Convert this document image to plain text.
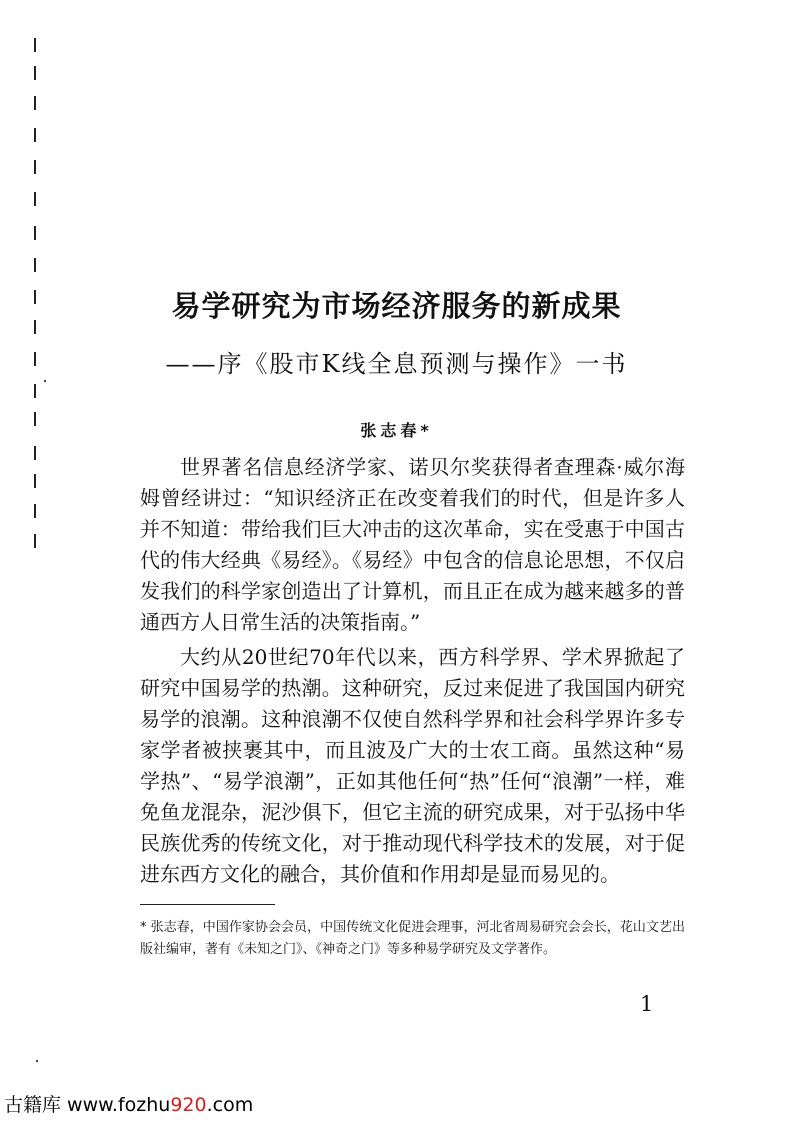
易学研究为市场经济服务的新成果
——序《股市K线全息预测与操作》一书
张志春*

世界著名信息经济学家、诺贝尔奖获得者查理森·威尔海姆曾经讲过：“知识经济正在改变着我们的时代，但是许多人并不知道：带给我们巨大冲击的这次革命，实在受惠于中国古代的伟大经典《易经》。《易经》中包含的信息论思想，不仅启发我们的科学家创造出了计算机，而且正在成为越来越多的普通西方人日常生活的决策指南。”

大约从20世纪70年代以来，西方科学界、学术界掀起了研究中国易学的热潮。这种研究，反过来促进了我国国内研究易学的浪潮。这种浪潮不仅使自然科学界和社会科学界许多专家学者被挟裹其中，而且波及广大的士农工商。虽然这种“易学热”、“易学浪潮”，正如其他任何“热”任何“浪潮”一样，难免鱼龙混杂，泥沙俱下，但它主流的研究成果，对于弘扬中华民族优秀的传统文化，对于推动现代科学技术的发展，对于促进东西方文化的融合，其价值和作用却是显而易见的。

* 张志春，中国作家协会会员，中国传统文化促进会理事，河北省周易研究会会长，花山文艺出版社编审，著有《未知之门》、《神奇之门》等多种易学研究及文学著作。
1
古籍库 www.fozhu920.com
